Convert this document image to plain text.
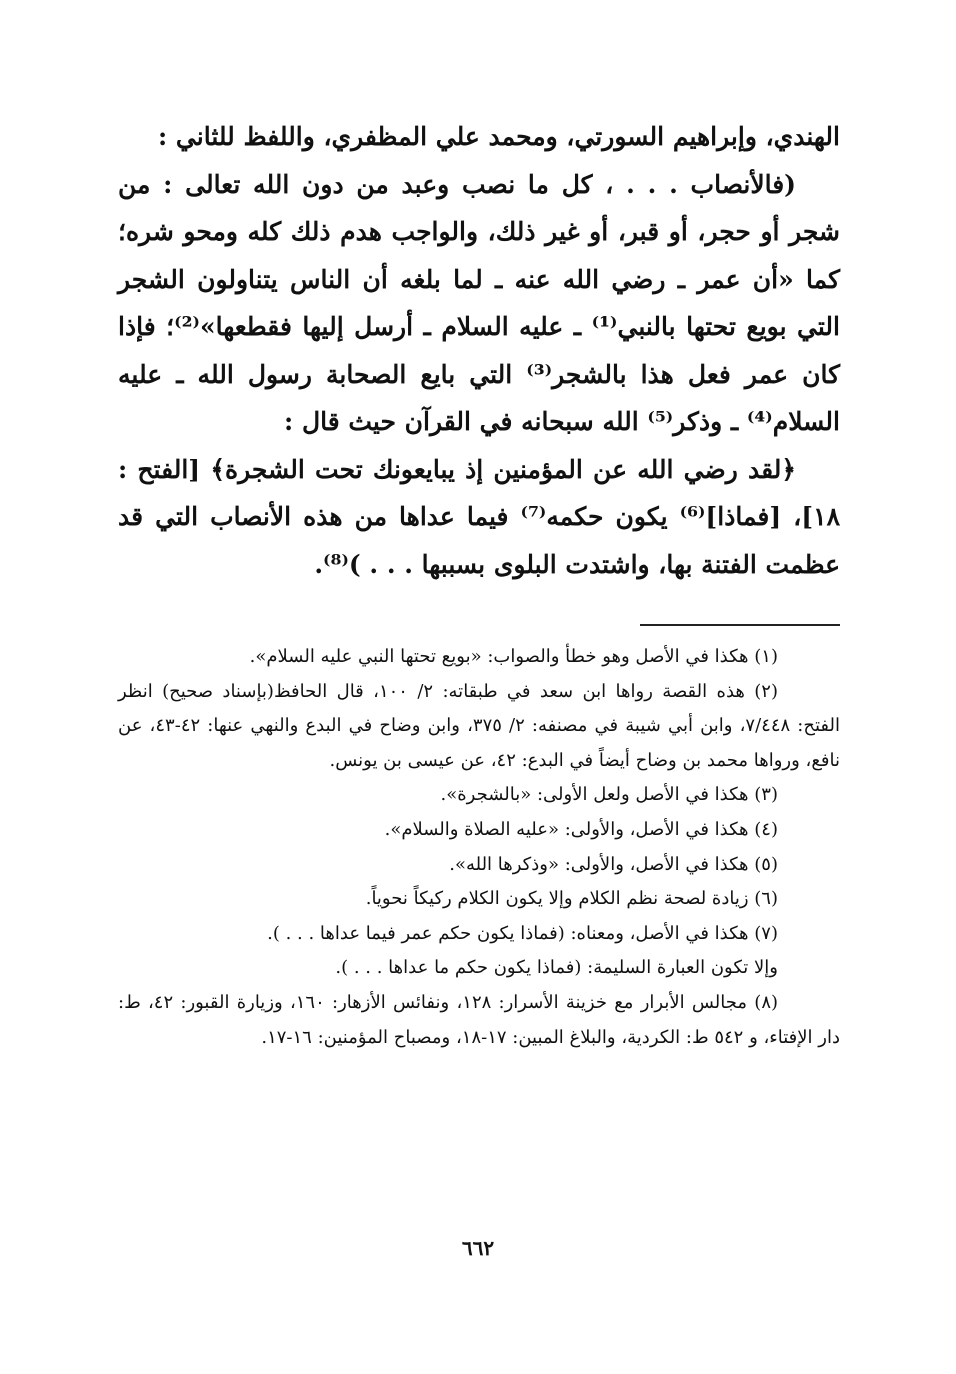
الهندي، وإبراهيم السورتي، ومحمد علي المظفري، واللفظ للثاني :

(فالأنصاب . . . ، كل ما نصب وعبد من دون الله تعالى : من شجر أو حجر، أو قبر، أو غير ذلك، والواجب هدم ذلك كله ومحو شره؛ كما «أن عمر ـ رضي الله عنه ـ لما بلغه أن الناس يتناولون الشجر التي بويع تحتها بالنبي⁽¹⁾ ـ عليه السلام ـ أرسل إليها فقطعها»⁽²⁾؛ فإذا كان عمر فعل هذا بالشجر⁽³⁾ التي بايع الصحابة رسول الله ـ عليه السلام⁽⁴⁾ ـ وذكر⁽⁵⁾ الله سبحانه في القرآن حيث قال :

﴿لقد رضي الله عن المؤمنين إذ يبايعونك تحت الشجرة﴾ [الفتح : ١٨]، [فماذا]⁽⁶⁾ يكون حكمه⁽⁷⁾ فيما عداها من هذه الأنصاب التي قد عظمت الفتنة بها، واشتدت البلوى بسببها . . . )⁽⁸⁾.

(١) هكذا في الأصل وهو خطأ والصواب: «بويع تحتها النبي عليه السلام».

(٢) هذه القصة رواها ابن سعد في طبقاته: ٢/ ١٠٠، قال الحافظ(بإسناد صحيح) انظر الفتح: ٧/٤٤٨، وابن أبي شيبة في مصنفه: ٢/ ٣٧٥، وابن وضاح في البدع والنهي عنها: ٤٢-٤٣، عن نافع، ورواها محمد بن وضاح أيضاً في البدع: ٤٢، عن عيسى بن يونس.

(٣) هكذا في الأصل ولعل الأولى: «بالشجرة».

(٤) هكذا في الأصل، والأولى: «عليه الصلاة والسلام».

(٥) هكذا في الأصل، والأولى: «وذكرها الله».

(٦) زيادة لصحة نظم الكلام وإلا يكون الكلام ركيكاً نحوياً.

(٧) هكذا في الأصل، ومعناه: (فماذا يكون حكم عمر فيما عداها . . . ).

وإلا تكون العبارة السليمة: (فماذا يكون حكم ما عداها . . . ).

(٨) مجالس الأبرار مع خزينة الأسرار: ١٢٨، ونفائس الأزهار: ١٦٠، وزيارة القبور: ٤٢، ط: دار الإفتاء، و ٥٤٢ ط: الكردية، والبلاغ المبين: ١٧-١٨، ومصباح المؤمنين: ١٦-١٧.

٦٦٢
